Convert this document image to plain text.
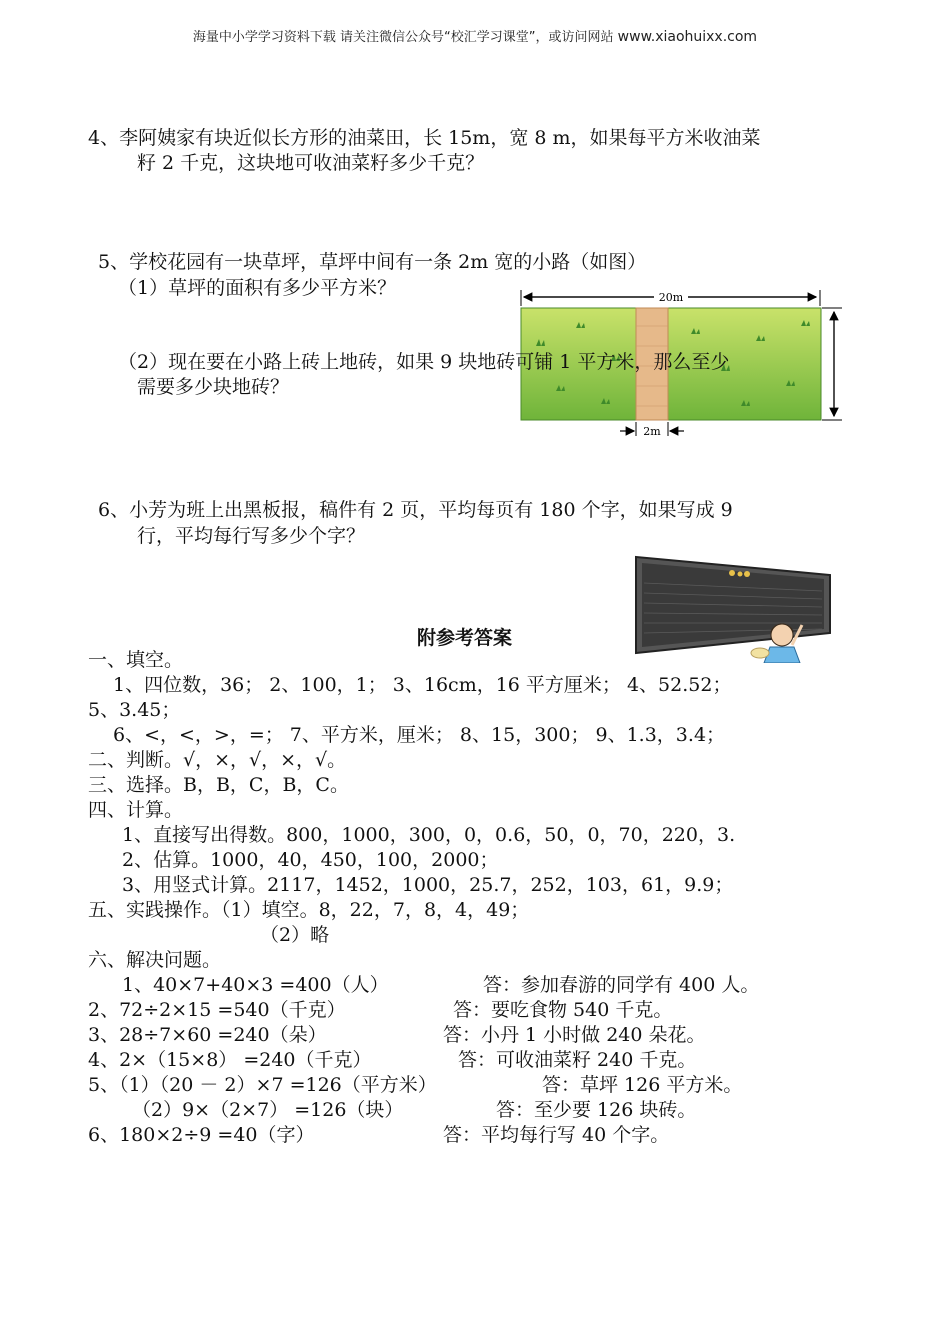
海量中小学学习资料下载 请关注微信公众号“校汇学习课堂”，或访问网站 www.xiaohuixx.com
4、李阿姨家有块近似长方形的油菜田，长 15m，宽 8 m，如果每平方米收油菜
籽 2 千克，这块地可收油菜籽多少千克？
5、学校花园有一块草坪，草坪中间有一条 2m 宽的小路（如图）
（1）草坪的面积有多少平方米？	20m
2m
（2）现在要在小路上砖上地砖，如果 9 块地砖可铺 1 平方米，那么至少
需要多少块地砖？
6、小芳为班上出黑板报，稿件有 2 页，平均每页有 180 个字，如果写成 9
行，平均每行写多少个字？
附参考答案
一、填空。
1、四位数，36； 2、100，1； 3、16cm，16 平方厘米； 4、52.52；
5、3.45；
6、<，<，>，=； 7、平方米，厘米； 8、15，300； 9、1.3，3.4；
二、判断。√，×，√，×，√。
三、选择。B，B，C，B，C。
四、计算。
1、直接写出得数。800，1000，300，0，0.6，50，0，70，220，3.
2、估算。1000，40，450，100，2000；
3、用竖式计算。2117，1452，1000，25.7，252，103，61，9.9；
五、实践操作。（1）填空。8，22，7，8，4，49；
（2）略
六、解决问题。
1、40×7+40×3 =400（人）	答：参加春游的同学有 400 人。
2、72÷2×15 =540（千克）	答：要吃食物 540 千克。
3、28÷7×60 =240（朵）	答：小丹 1 小时做 240 朵花。
4、2×（15×8） =240（千克）	答：可收油菜籽 240 千克。
5、（1）（20 － 2）×7 =126（平方米）	答：草坪 126 平方米。
（2）9×（2×7） =126（块）	答：至少要 126 块砖。
6、180×2÷9 =40（字）	答：平均每行写 40 个字。
